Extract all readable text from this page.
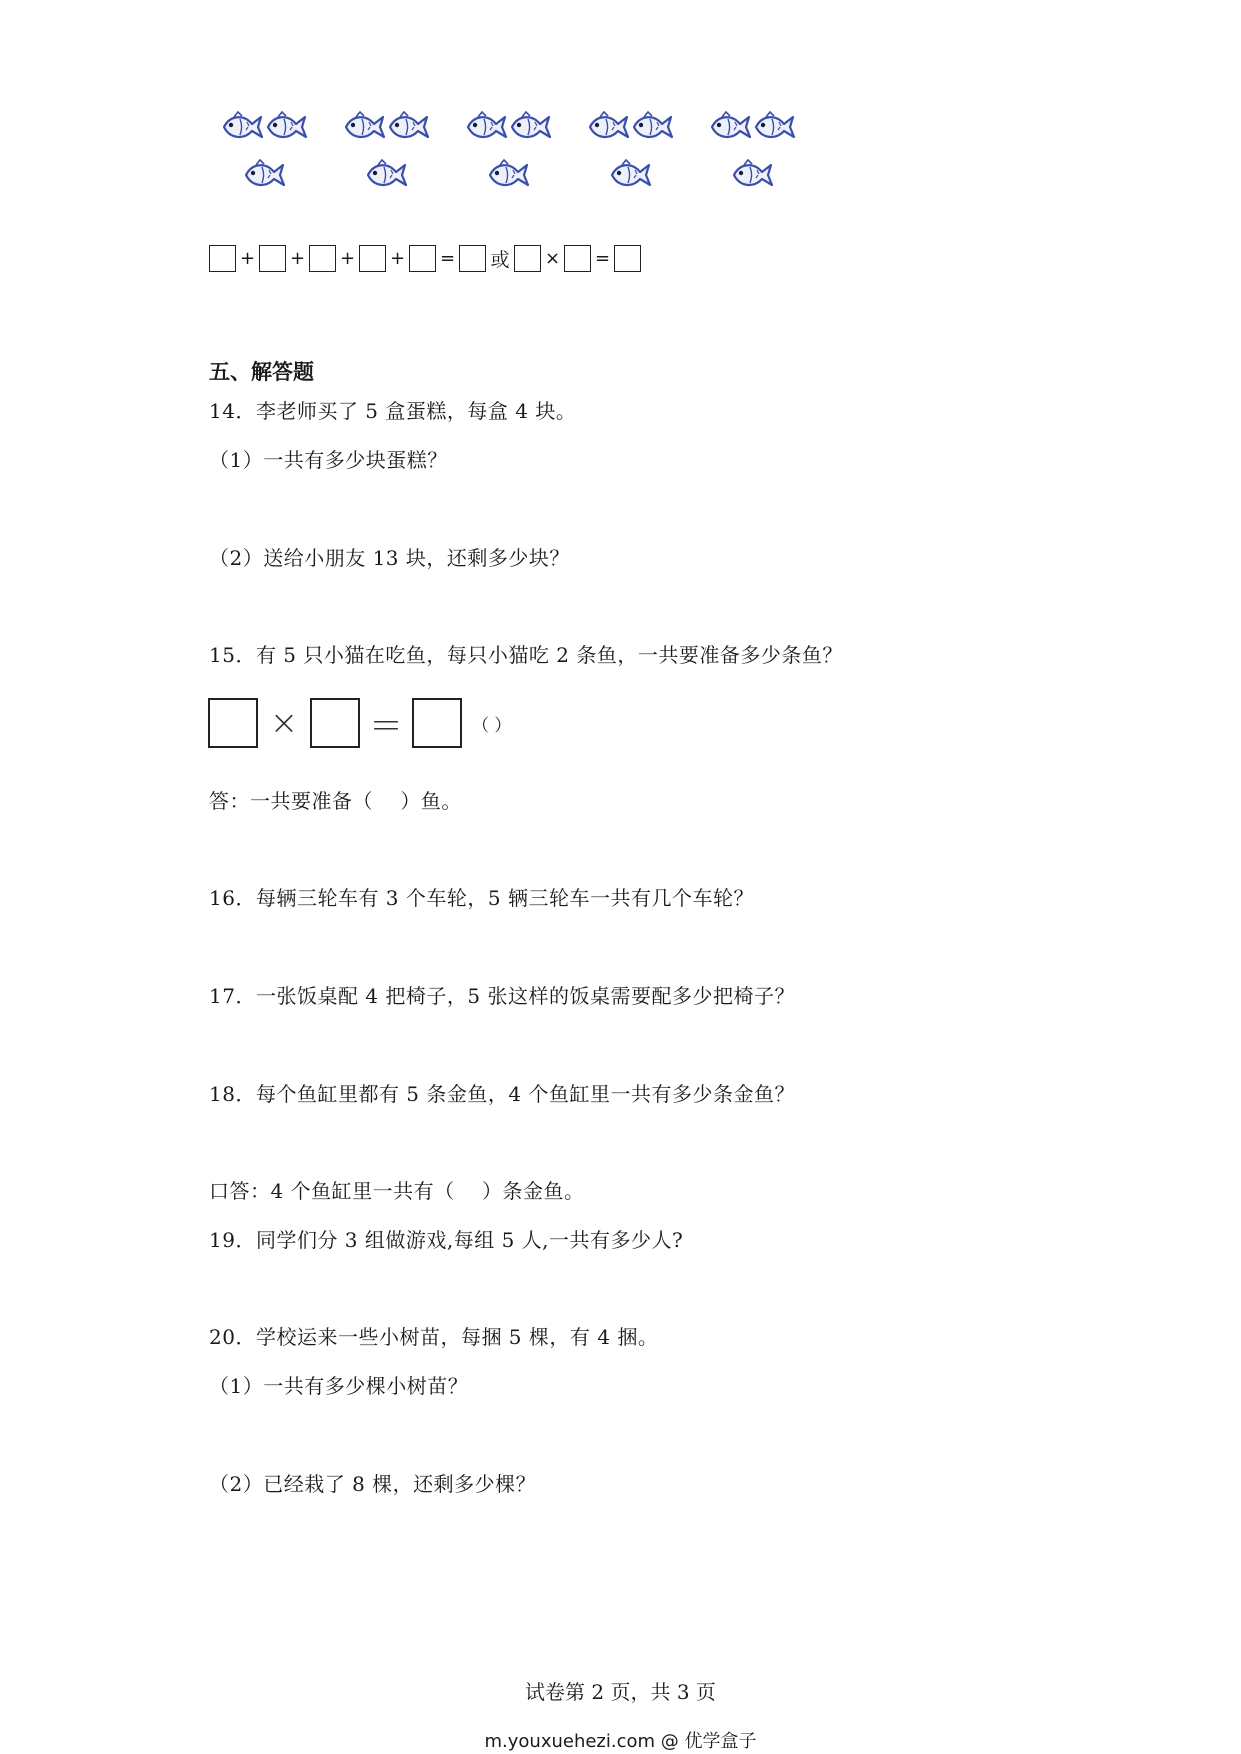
+ + + + = 或 × =
五、解答题
14．李老师买了 5 盒蛋糕，每盒 4 块。
（1）一共有多少块蛋糕？
（2）送给小朋友 13 块，还剩多少块？
15．有 5 只小猫在吃鱼，每只小猫吃 2 条鱼，一共要准备多少条鱼？
×	＝	（ ）
答：一共要准备（　 ）鱼。
16．每辆三轮车有 3 个车轮，5 辆三轮车一共有几个车轮？
17．一张饭桌配 4 把椅子，5 张这样的饭桌需要配多少把椅子？
18．每个鱼缸里都有 5 条金鱼，4 个鱼缸里一共有多少条金鱼？
口答：4 个鱼缸里一共有（　 ）条金鱼。
19．同学们分 3 组做游戏,每组 5 人,一共有多少人?
20．学校运来一些小树苗，每捆 5 棵，有 4 捆。
（1）一共有多少棵小树苗？
（2）已经栽了 8 棵，还剩多少棵？
试卷第 2 页，共 3 页
m.youxuehezi.com @ 优学盒子
